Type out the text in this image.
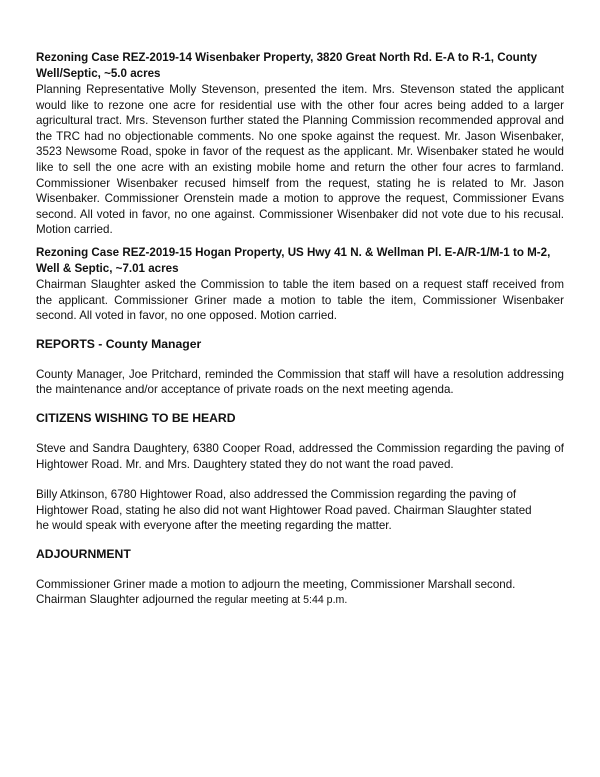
Rezoning Case REZ-2019-14 Wisenbaker Property, 3820 Great North Rd. E-A to R-1, County Well/Septic, ~5.0 acres

Planning Representative Molly Stevenson, presented the item. Mrs. Stevenson stated the applicant would like to rezone one acre for residential use with the other four acres being added to a larger agricultural tract. Mrs. Stevenson further stated the Planning Commission recommended approval and the TRC had no objectionable comments. No one spoke against the request. Mr. Jason Wisenbaker, 3523 Newsome Road, spoke in favor of the request as the applicant. Mr. Wisenbaker stated he would like to sell the one acre with an existing mobile home and return the other four acres to farmland. Commissioner Wisenbaker recused himself from the request, stating he is related to Mr. Jason Wisenbaker. Commissioner Orenstein made a motion to approve the request, Commissioner Evans second. All voted in favor, no one against. Commissioner Wisenbaker did not vote due to his recusal. Motion carried.

Rezoning Case REZ-2019-15 Hogan Property, US Hwy 41 N. & Wellman Pl. E-A/R-1/M-1 to M-2, Well & Septic, ~7.01 acres

Chairman Slaughter asked the Commission to table the item based on a request staff received from the applicant. Commissioner Griner made a motion to table the item, Commissioner Wisenbaker second. All voted in favor, no one opposed. Motion carried.

REPORTS - County Manager

County Manager, Joe Pritchard, reminded the Commission that staff will have a resolution addressing the maintenance and/or acceptance of private roads on the next meeting agenda.

CITIZENS WISHING TO BE HEARD

Steve and Sandra Daughtery, 6380 Cooper Road, addressed the Commission regarding the paving of Hightower Road. Mr. and Mrs. Daughtery stated they do not want the road paved.

Billy Atkinson, 6780 Hightower Road, also addressed the Commission regarding the paving of
Hightower Road, stating he also did not want Hightower Road paved. Chairman Slaughter stated
he would speak with everyone after the meeting regarding the matter.

ADJOURNMENT

Commissioner Griner made a motion to adjourn the meeting, Commissioner Marshall second.
Chairman Slaughter adjourned the regular meeting at 5:44 p.m.
